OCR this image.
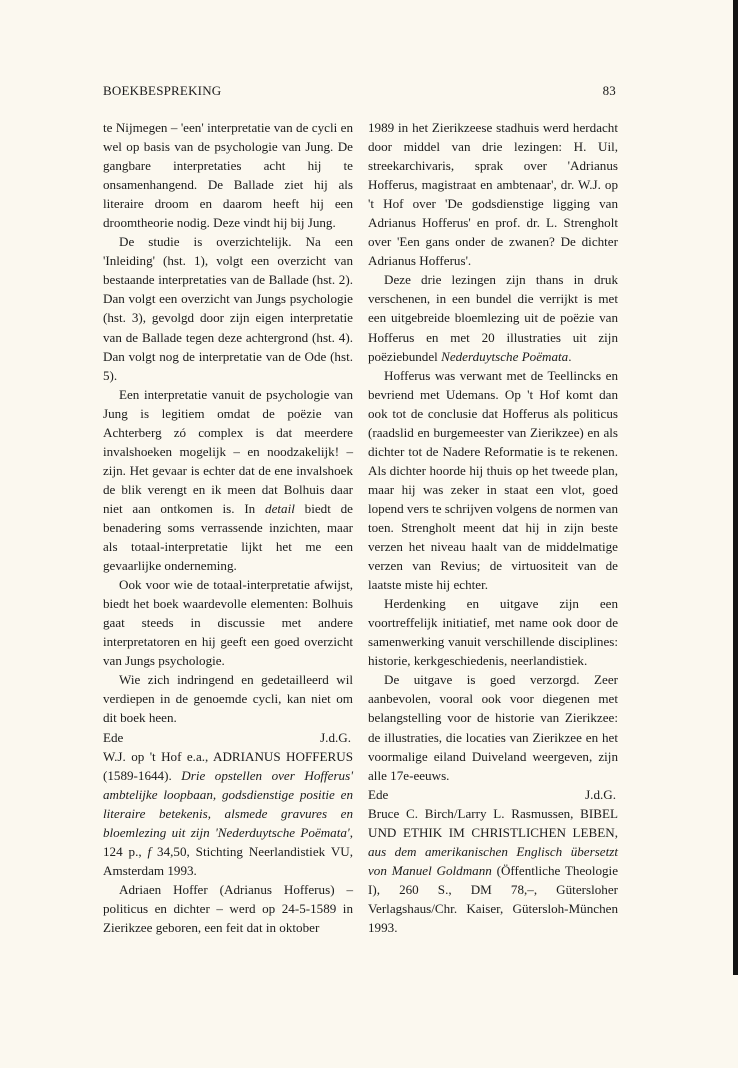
BOEKBESPREKING	83

te Nijmegen – 'een' interpretatie van de cycli en wel op basis van de psychologie van Jung. De gangbare interpretaties acht hij te onsamenhangend. De Ballade ziet hij als literaire droom en daarom heeft hij een droomtheorie nodig. Deze vindt hij bij Jung.

De studie is overzichtelijk. Na een 'Inleiding' (hst. 1), volgt een overzicht van bestaande interpretaties van de Ballade (hst. 2). Dan volgt een overzicht van Jungs psychologie (hst. 3), gevolgd door zijn eigen interpretatie van de Ballade tegen deze achtergrond (hst. 4). Dan volgt nog de interpretatie van de Ode (hst. 5).

Een interpretatie vanuit de psychologie van Jung is legitiem omdat de poëzie van Achterberg zó complex is dat meerdere invalshoeken mogelijk – en noodzakelijk! – zijn. Het gevaar is echter dat de ene invalshoek de blik verengt en ik meen dat Bolhuis daar niet aan ontkomen is. In detail biedt de benadering soms verrassende inzichten, maar als totaal-interpretatie lijkt het me een gevaarlijke onderneming.

Ook voor wie de totaal-interpretatie afwijst, biedt het boek waardevolle elementen: Bolhuis gaat steeds in discussie met andere interpretatoren en hij geeft een goed overzicht van Jungs psychologie.

Wie zich indringend en gedetailleerd wil verdiepen in de genoemde cycli, kan niet om dit boek heen.

Ede	J.d.G.

W.J. op 't Hof e.a., ADRIANUS HOFFERUS (1589-1644). Drie opstellen over Hofferus' ambtelijke loopbaan, godsdienstige positie en literaire betekenis, alsmede gravures en bloemlezing uit zijn 'Nederduytsche Poëmata', 124 p., f 34,50, Stichting Neerlandistiek VU, Amsterdam 1993.

Adriaen Hoffer (Adrianus Hofferus) – politicus en dichter – werd op 24-5-1589 in Zierikzee geboren, een feit dat in oktober

1989 in het Zierikzeese stadhuis werd herdacht door middel van drie lezingen: H. Uil, streekarchivaris, sprak over 'Adrianus Hofferus, magistraat en ambtenaar', dr. W.J. op 't Hof over 'De godsdienstige ligging van Adrianus Hofferus' en prof. dr. L. Strengholt over 'Een gans onder de zwanen? De dichter Adrianus Hofferus'.

Deze drie lezingen zijn thans in druk verschenen, in een bundel die verrijkt is met een uitgebreide bloemlezing uit de poëzie van Hofferus en met 20 illustraties uit zijn poëziebundel Nederduytsche Poëmata.

Hofferus was verwant met de Teellincks en bevriend met Udemans. Op 't Hof komt dan ook tot de conclusie dat Hofferus als politicus (raadslid en burgemeester van Zierikzee) en als dichter tot de Nadere Reformatie is te rekenen. Als dichter hoorde hij thuis op het tweede plan, maar hij was zeker in staat een vlot, goed lopend vers te schrijven volgens de normen van toen. Strengholt meent dat hij in zijn beste verzen het niveau haalt van de middelmatige verzen van Revius; de virtuositeit van de laatste miste hij echter.

Herdenking en uitgave zijn een voortreffelijk initiatief, met name ook door de samenwerking vanuit verschillende disciplines: historie, kerkgeschiedenis, neerlandistiek.

De uitgave is goed verzorgd. Zeer aanbevolen, vooral ook voor diegenen met belangstelling voor de historie van Zierikzee: de illustraties, die locaties van Zierikzee en het voormalige eiland Duiveland weergeven, zijn alle 17e-eeuws.

Ede	J.d.G.

Bruce C. Birch/Larry L. Rasmussen, BIBEL UND ETHIK IM CHRISTLICHEN LEBEN, aus dem amerikanischen Englisch übersetzt von Manuel Goldmann (Öffentliche Theologie I), 260 S., DM 78,–, Gütersloher Verlagshaus/Chr. Kaiser, Gütersloh-München 1993.
